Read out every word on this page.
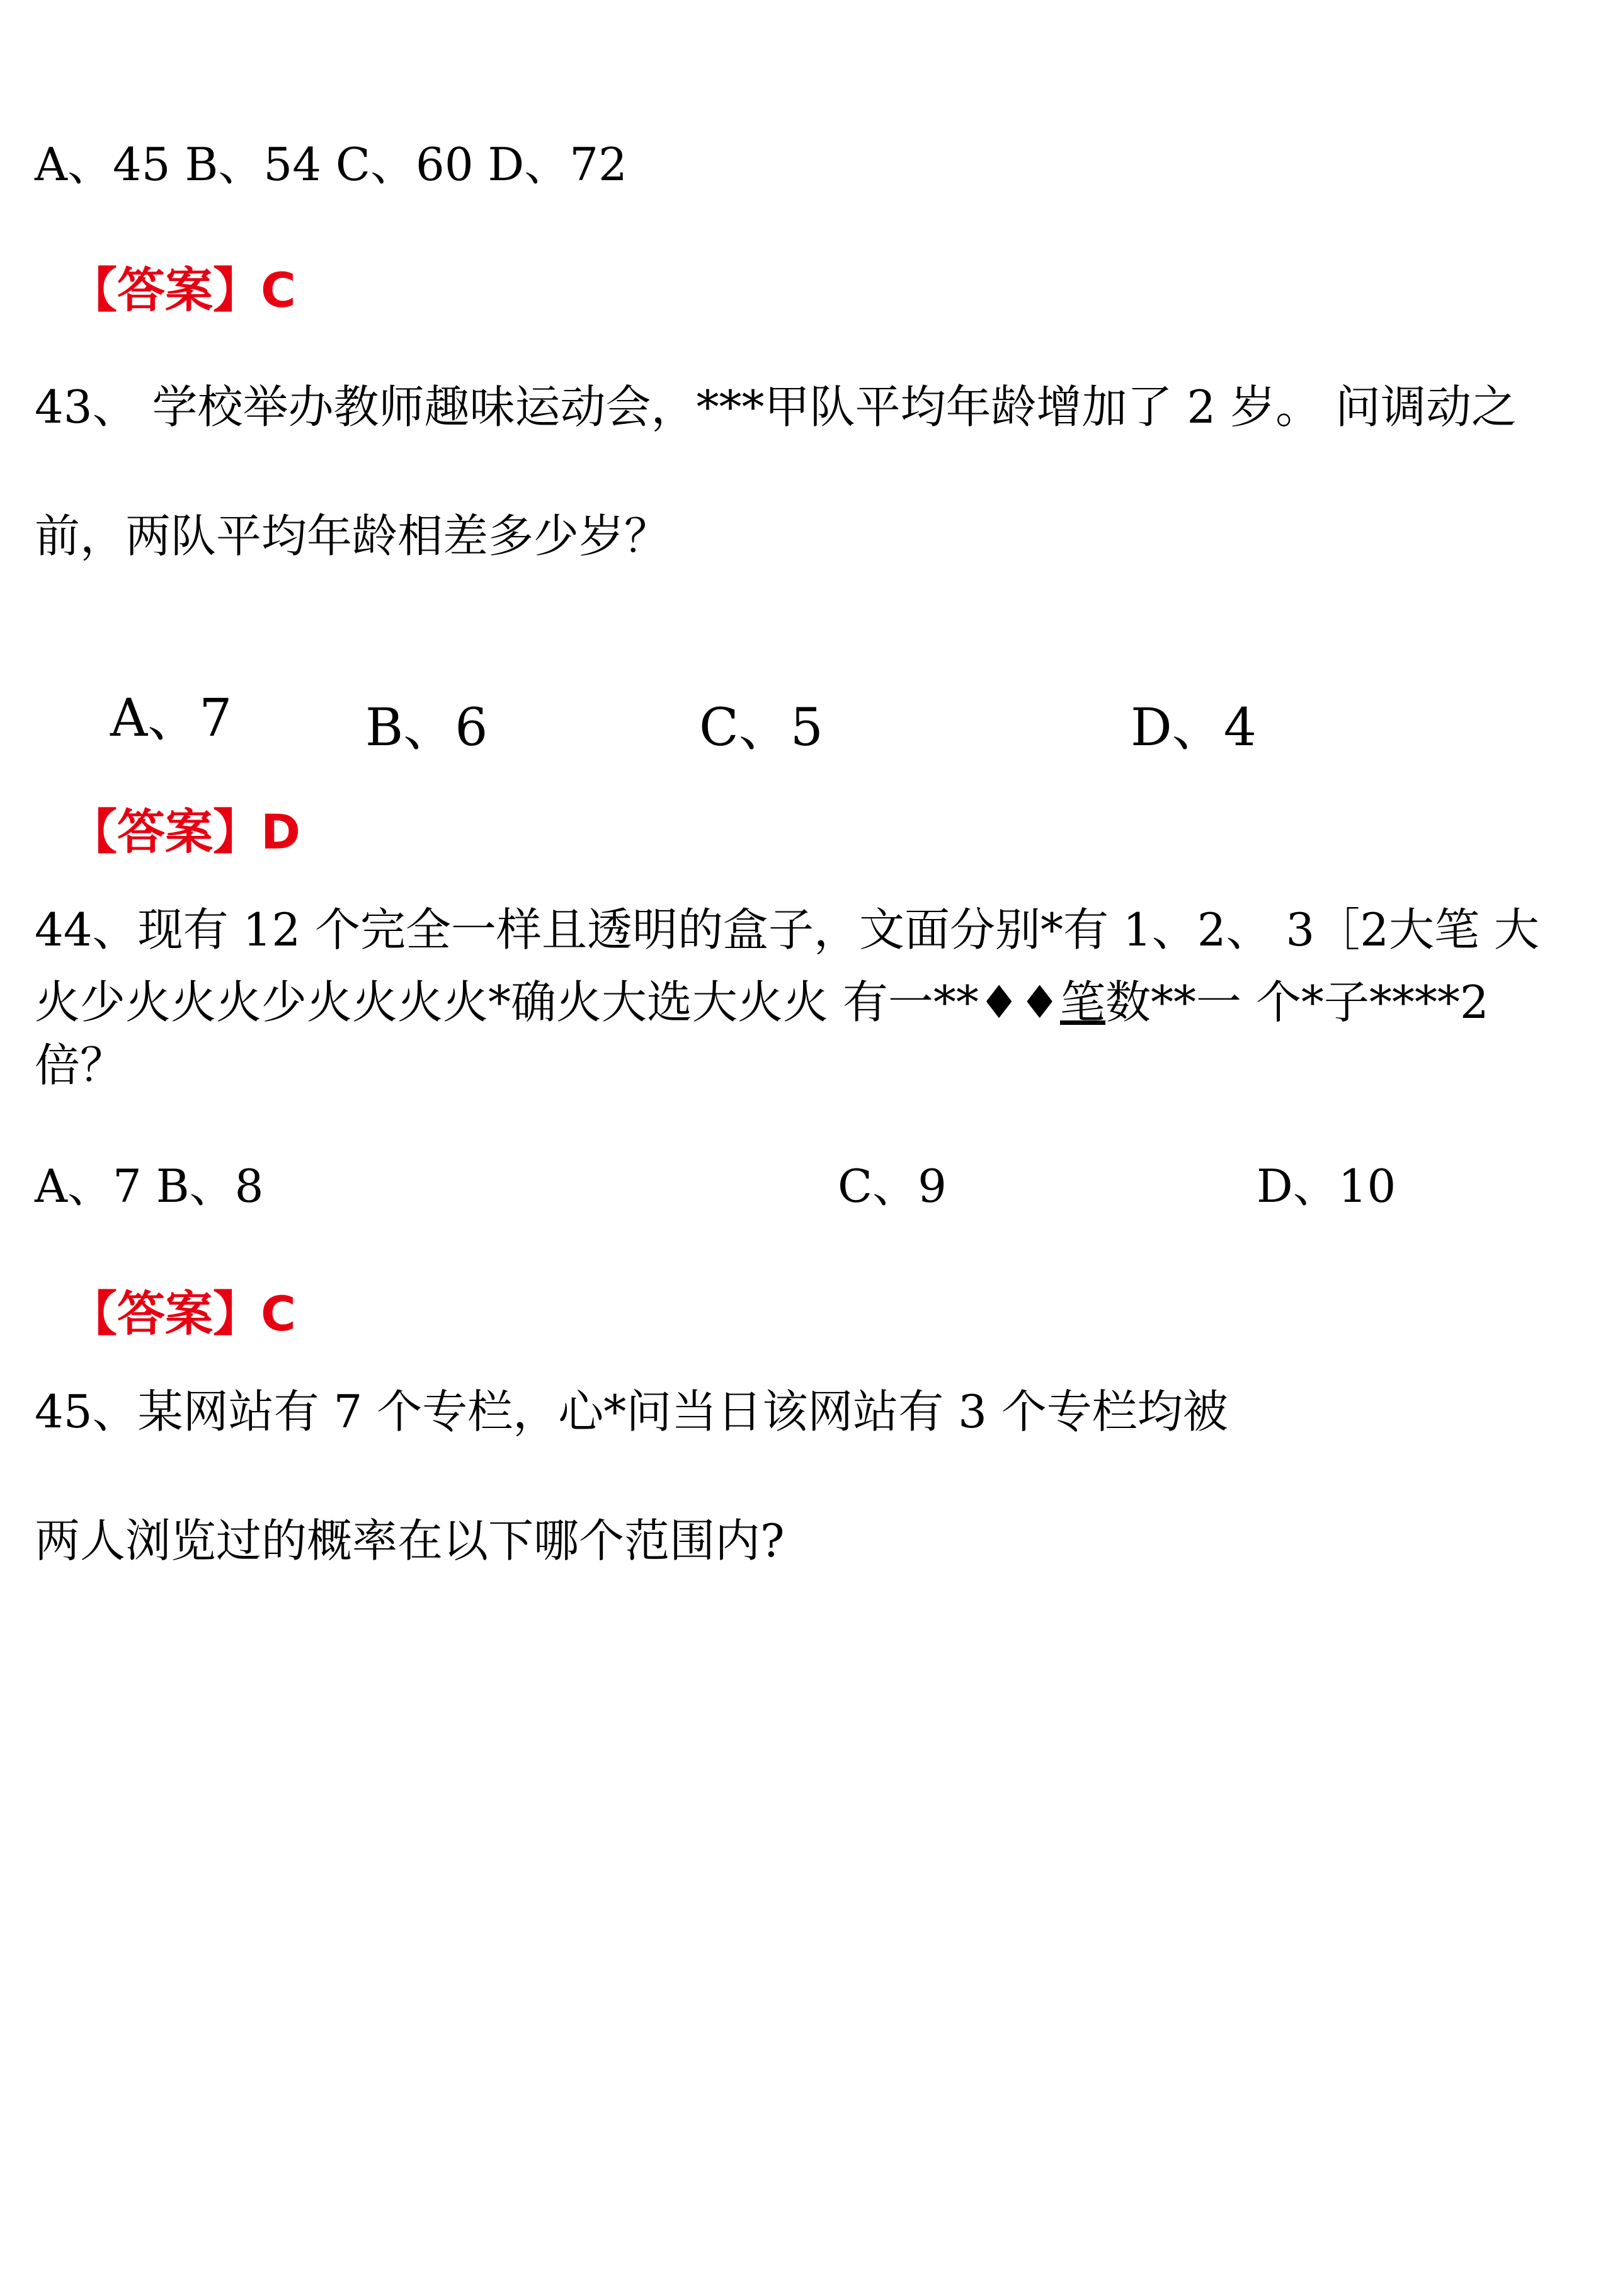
A、45 B、54 C、60 D、72
【答案】C
43、 学校举办教师趣味运动会，***甲队平均年龄增加了 2 岁。 问调动之
前，两队平均年龄相差多少岁？
A、7	B、6	C、5	D、4
【答案】D
44、现有 12 个完全一样且透明的盒子，文面分别*有 1、2、 3［2大笔 大
火少火火火少火火火火*确火大选大火火 有一**♦♦笔数**一 个*子****2
倍？
A、7 B、8	C、9	D、10
【答案】C
45、某网站有 7 个专栏，心*问当日该网站有 3 个专栏均被
两人浏览过的概率在以下哪个范围内?
